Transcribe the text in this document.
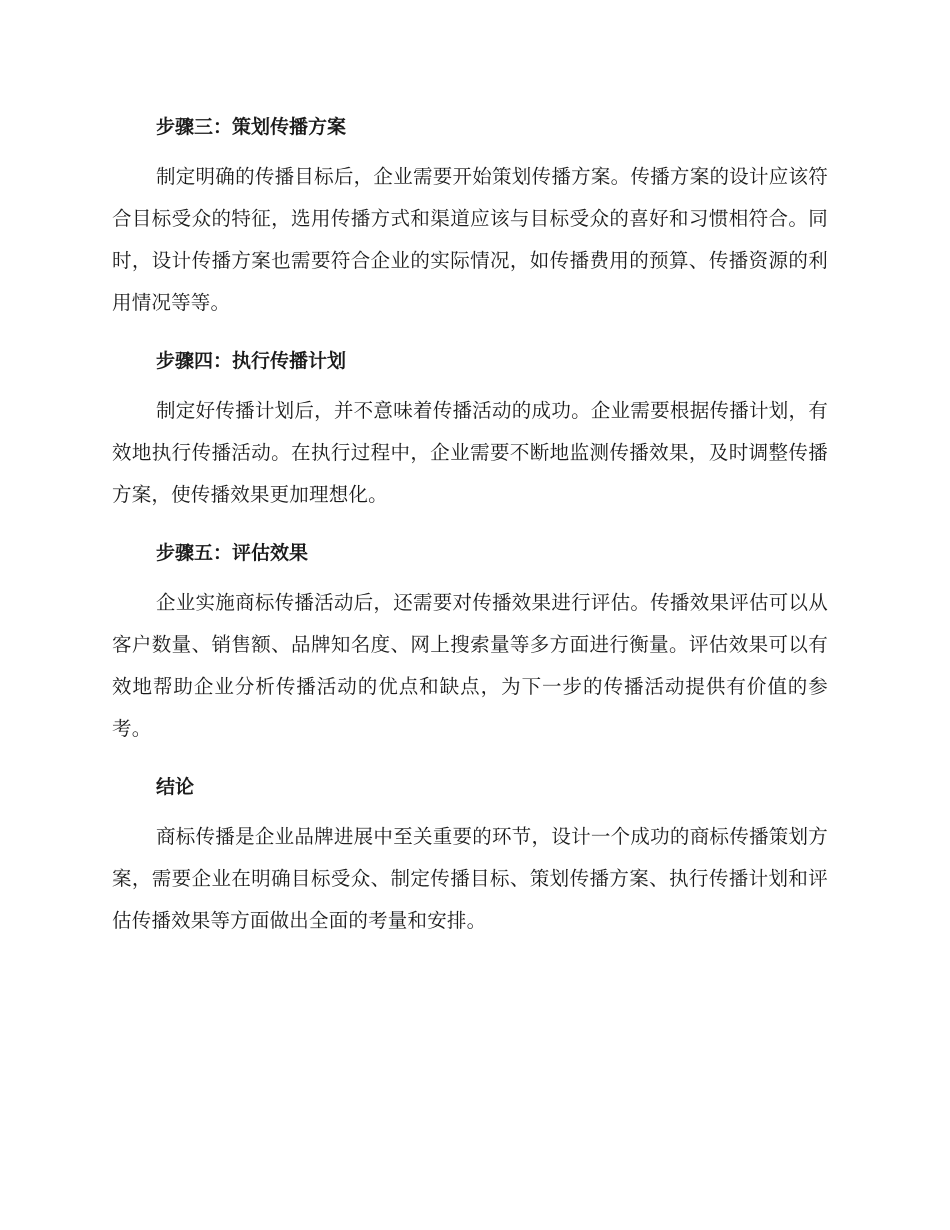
步骤三：策划传播方案

制定明确的传播目标后，企业需要开始策划传播方案。传播方案的设计应该符合目标受众的特征，选用传播方式和渠道应该与目标受众的喜好和习惯相符合。同时，设计传播方案也需要符合企业的实际情况，如传播费用的预算、传播资源的利用情况等等。

步骤四：执行传播计划

制定好传播计划后，并不意味着传播活动的成功。企业需要根据传播计划，有效地执行传播活动。在执行过程中，企业需要不断地监测传播效果，及时调整传播方案，使传播效果更加理想化。

步骤五：评估效果

企业实施商标传播活动后，还需要对传播效果进行评估。传播效果评估可以从客户数量、销售额、品牌知名度、网上搜索量等多方面进行衡量。评估效果可以有效地帮助企业分析传播活动的优点和缺点，为下一步的传播活动提供有价值的参考。

结论

商标传播是企业品牌进展中至关重要的环节，设计一个成功的商标传播策划方案，需要企业在明确目标受众、制定传播目标、策划传播方案、执行传播计划和评估传播效果等方面做出全面的考量和安排。
